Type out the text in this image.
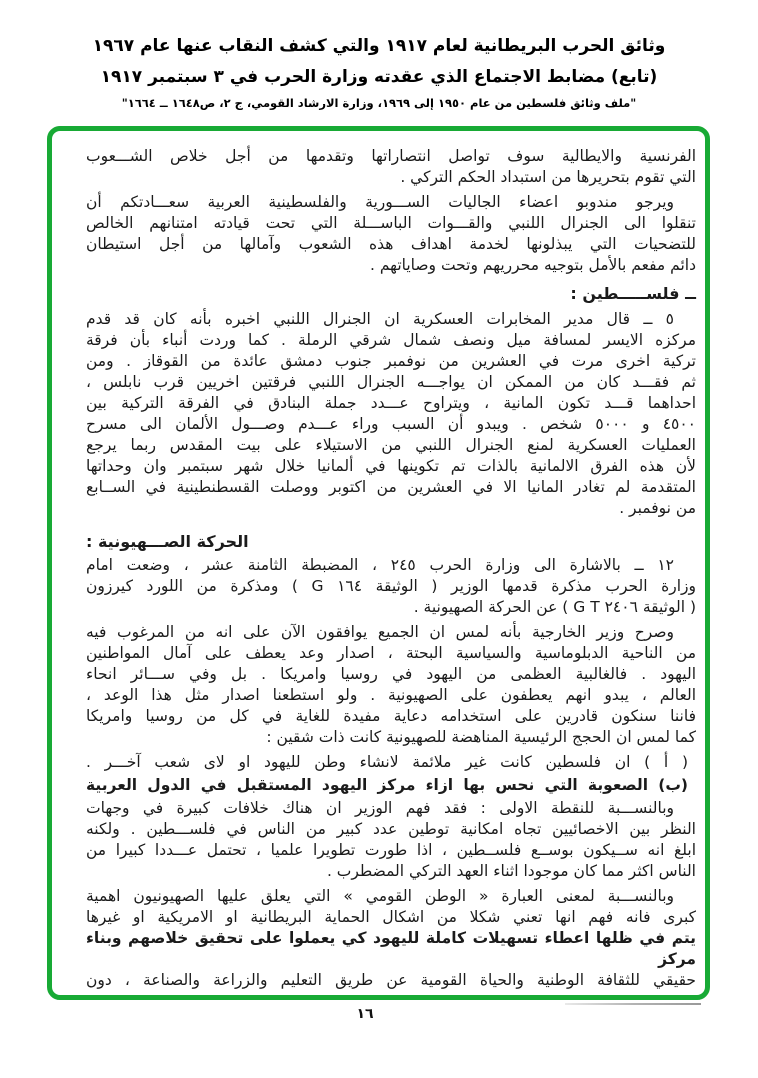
وثائق الحرب البريطانية لعام ١٩١٧ والتي كشف النقاب عنها عام ١٩٦٧
(تابع) مضابط الاجتماع الذي عقدته وزارة الحرب في ٣ سبتمبر ١٩١٧
"ملف وثائق فلسطين من عام ١٩٥٠ إلى ١٩٦٩، وزارة الارشاد القومي، ج ٢، ص١٦٤٨ ــ ١٦٦٤"
الفرنسية والايطالية سوف تواصل انتصاراتها وتقدمها من أجل خلاص الشـــعوب
التي تقوم بتحريرها من استبداد الحكم التركي .
ويرجو مندوبو اعضاء الجاليات الســـورية والفلسطينية العربية سعـــادتكم أن
تنقلوا الى الجنرال اللنبي والقـــوات الباســـلة التي تحت قيادته امتنانهم الخالص
للتضحيات التي يبذلونها لخدمة اهداف هذه الشعوب وآمالها من أجل استيطان
دائم مفعم بالأمل بتوجيه محرريهم وتحت وصاياتهم .
ــ فلســـــطين :
٥ ــ قال مدير المخابرات العسكرية ان الجنرال اللنبي اخبره بأنه كان قد قدم
مركزه الايسر لمسافة ميل ونصف شمال شرقي الرملة . كما وردت أنباء بأن فرقة
تركية اخرى مرت في العشرين من نوفمبر جنوب دمشق عائدة من القوقاز . ومن
ثم فقـــد كان من الممكن ان يواجـــه الجنرال اللنبي فرقتين اخريين قرب نابلس ،
احداهما قـــد تكون المانية ، ويتراوح عـــدد جملة البنادق في الفرقة التركية بين
٤٥٠٠ و ٥٠٠٠ شخص . ويبدو أن السبب وراء عـــدم وصـــول الألمان الى مسرح
العمليات العسكرية لمنع الجنرال اللنبي من الاستيلاء على بيت المقدس ربما يرجع
لأن هذه الفرق الالمانية بالذات تم تكوينها في ألمانيا خلال شهر سبتمبر وان وحداتها
المتقدمة لم تغادر المانيا الا في العشرين من اكتوبر ووصلت القسطنطينية في الســابع
من نوفمبر .
الحركة الصـــهيونية :
١٢ ــ بالاشارة الى وزارة الحرب ٢٤٥ ، المضبطة الثامنة عشر ، وضعت امام
وزارة الحرب مذكرة قدمها الوزير ( الوثيقة ١٦٤ G ) ومذكرة من اللورد كيرزون
( الوثيقة ٢٤٠٦ G T ) عن الحركة الصهيونية .
وصرح وزير الخارجية بأنه لمس ان الجميع يوافقون الآن على انه من المرغوب فيه
من الناحية الدبلوماسية والسياسية البحتة ، اصدار وعد يعطف على آمال المواطنين
اليهود . فالغالبية العظمى من اليهود في روسيا وامريكا . بل وفي ســـائر انحاء
العالم ، يبدو انهم يعطفون على الصهيونية . ولو استطعنا اصدار مثل هذا الوعد ،
فاننا سنكون قادرين على استخدامه دعاية مفيدة للغاية في كل من روسيا وامريكا
كما لمس ان الحجج الرئيسية المناهضة للصهيونية كانت ذات شقين :
( أ ) ان فلسطين كانت غير ملائمة لانشاء وطن لليهود او لاى شعب آخـــر .
(ب) الصعوبة التي نحس بها ازاء مركز اليهود المستقبل في الدول العربية
وبالنســـبة للنقطة الاولى : فقد فهم الوزير ان هناك خلافات كبيرة في وجهات
النظر بين الاخصائيين تجاه امكانية توطين عدد كبير من الناس في فلســـطين . ولكنه
ابلغ انه ســيكون بوســع فلســطين ، اذا طورت تطويرا علميا ، تحتمل عـــددا كبيرا من
الناس اكثر مما كان موجودا اثناء العهد التركي المضطرب .
وبالنســـبة لمعنى العبارة « الوطن القومي » التي يعلق عليها الصهيونيون اهمية
كبرى فانه فهم انها تعني شكلا من اشكال الحماية البريطانية او الامريكية او غيرها
يتم في ظلها اعطاء تسهيلات كاملة لليهود كي يعملوا على تحقيق خلاصهم وبناء مركز
حقيقي للثقافة الوطنية والحياة القومية عن طريق التعليم والزراعة والصناعة ، دون
١٦
